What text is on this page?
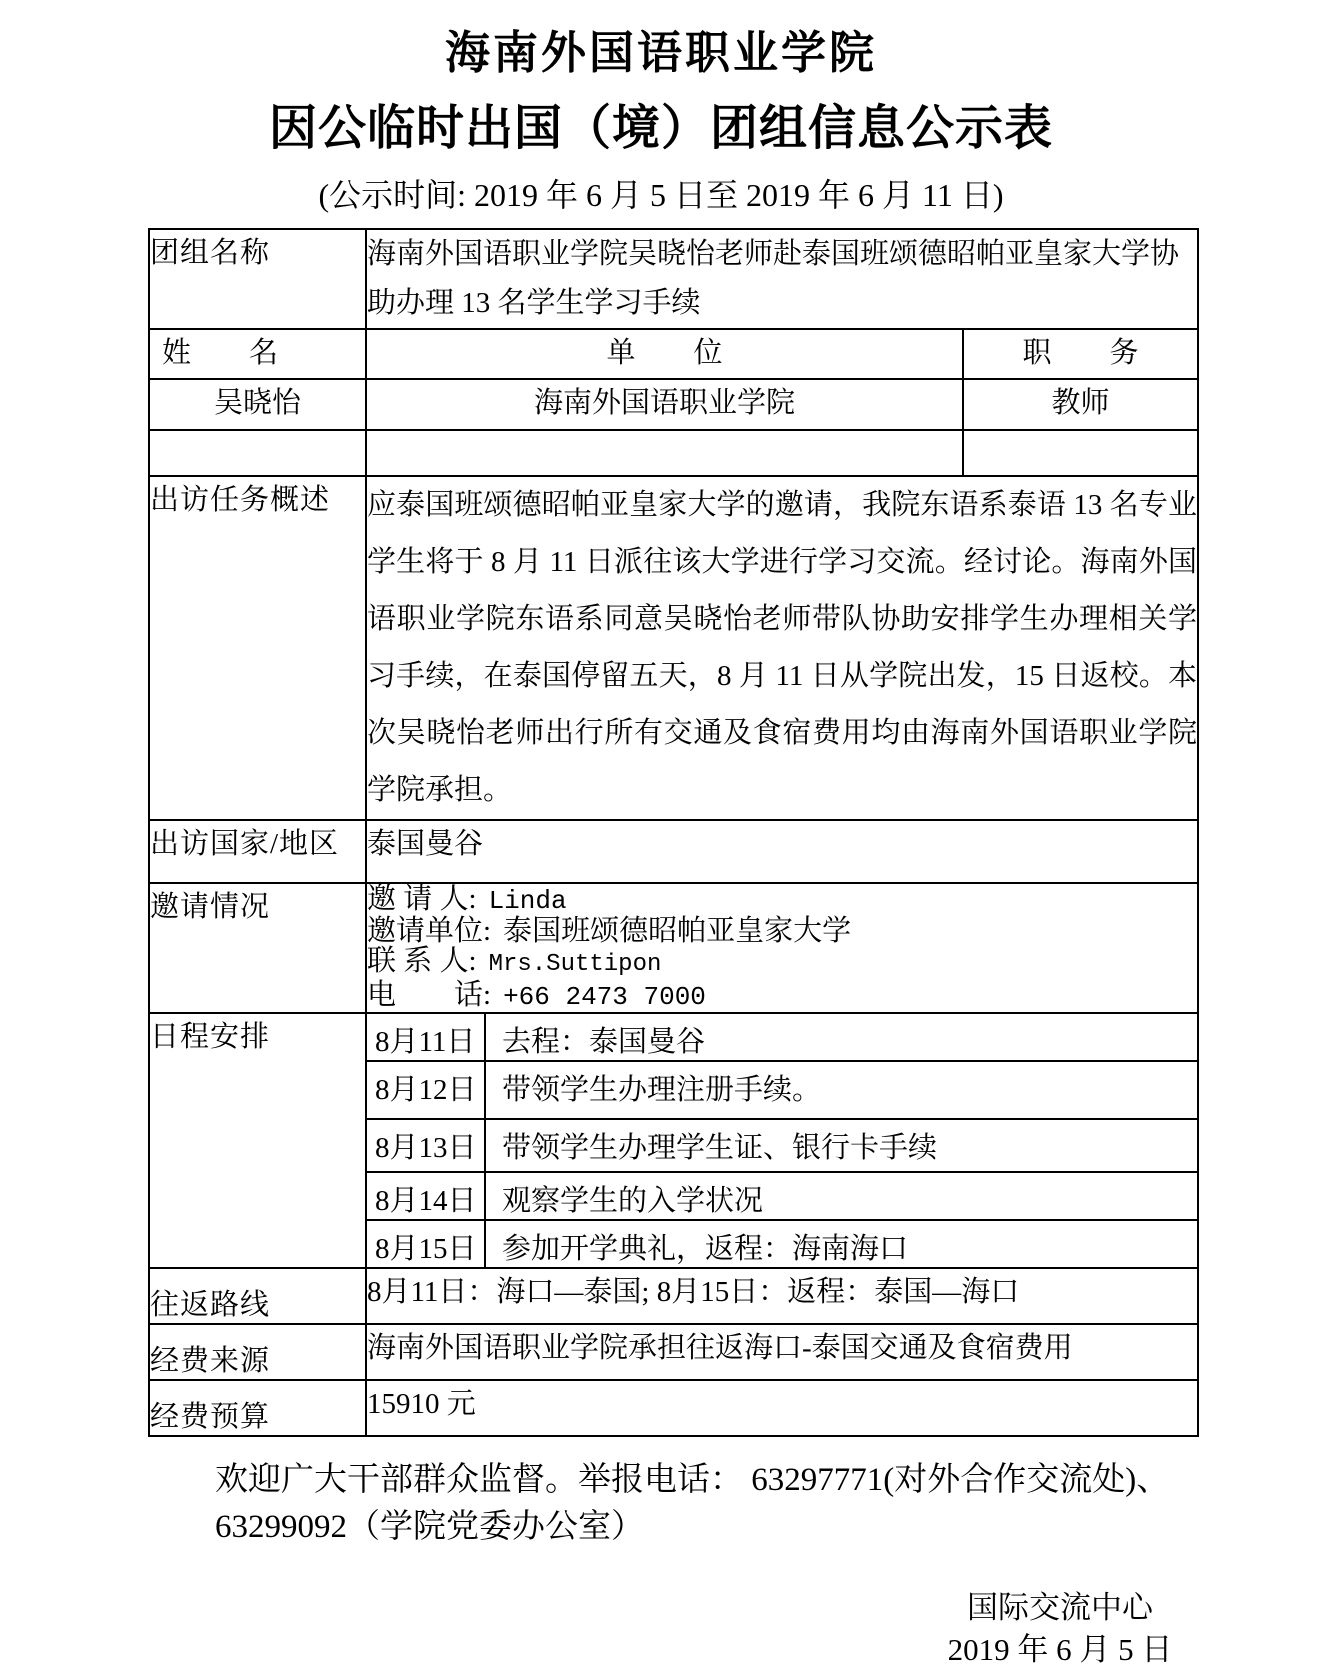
海南外国语职业学院
因公临时出国（境）团组信息公示表
(公示时间: 2019 年 6 月 5 日至 2019 年 6 月 11 日)
团组名称	海南外国语职业学院吴晓怡老师赴泰国班颂德昭帕亚皇家大学协助办理 13 名学生学习手续
姓　　名	单　　位	职　　务
吴晓怡	海南外国语职业学院	教师

出访任务概述	应泰国班颂德昭帕亚皇家大学的邀请，我院东语系泰语 13 名专业学生将于 8 月 11 日派往该大学进行学习交流。经讨论。海南外国语职业学院东语系同意吴晓怡老师带队协助安排学生办理相关学习手续，在泰国停留五天，8 月 11 日从学院出发，15 日返校。本次吴晓怡老师出行所有交通及食宿费用均由海南外国语职业学院学院承担。
出访国家/地区	泰国曼谷
邀请情况	邀 请 人: Linda
邀请单位: 泰国班颂德昭帕亚皇家大学
联 系 人: Mrs.Suttipon
电　　话: +66 2473 7000

日程安排		8月11日	去程：泰国曼谷
8月12日	带领学生办理注册手续。
8月13日	带领学生办理学生证、银行卡手续
8月14日	观察学生的入学状况
8月15日	参加开学典礼，返程：海南海口

往返路线	8月11日：海口—泰国; 8月15日：返程：泰国—海口
经费来源	海南外国语职业学院承担往返海口-泰国交通及食宿费用
经费预算	15910 元
欢迎广大干部群众监督。举报电话： 63297771(对外合作交流处)、
63299092（学院党委办公室）
国际交流中心
2019 年 6 月 5 日
